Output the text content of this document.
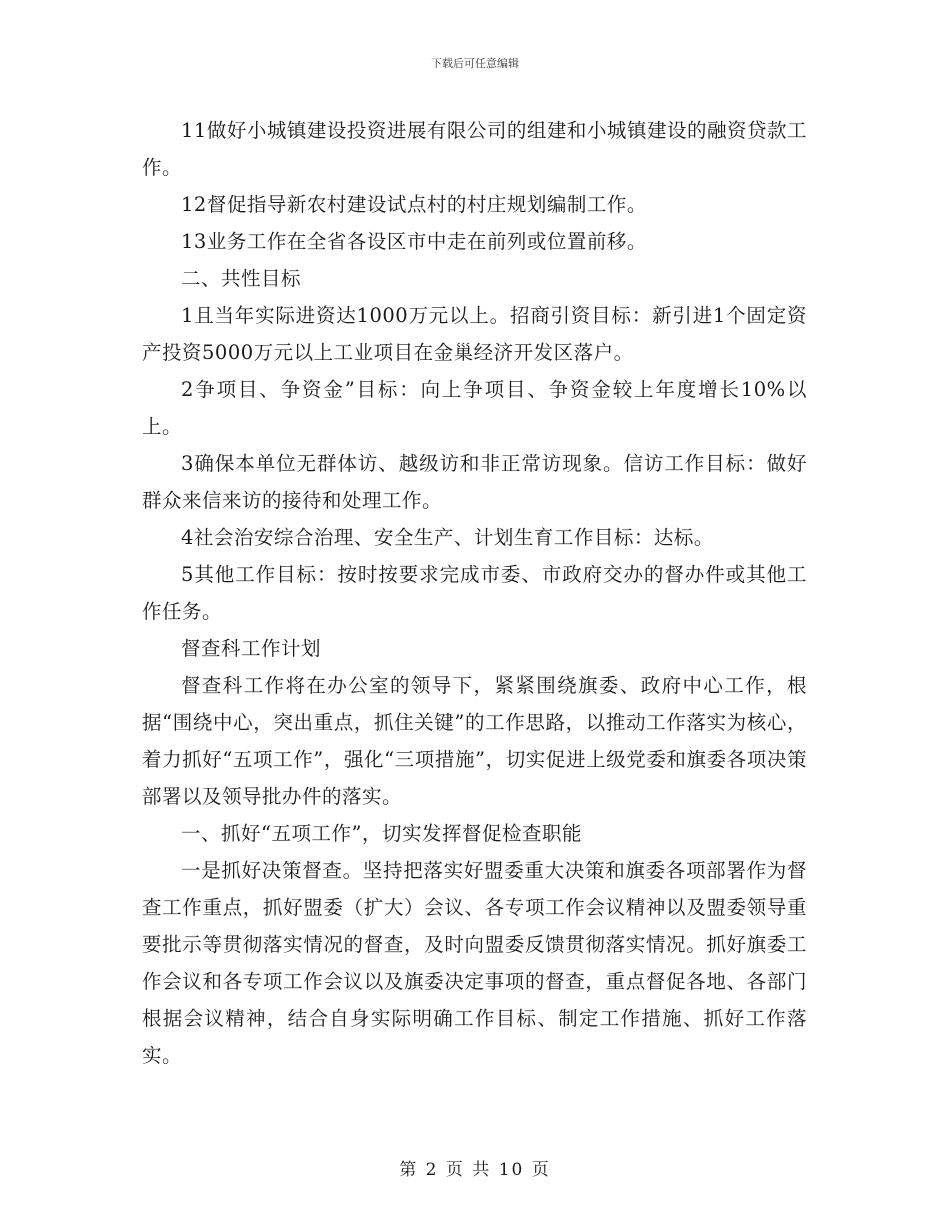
下载后可任意编辑

11做好小城镇建设投资进展有限公司的组建和小城镇建设的融资贷款工作。

12督促指导新农村建设试点村的村庄规划编制工作。

13业务工作在全省各设区市中走在前列或位置前移。

二、共性目标

1且当年实际进资达1000万元以上。招商引资目标：新引进1个固定资产投资5000万元以上工业项目在金巢经济开发区落户。

2争项目、争资金”目标：向上争项目、争资金较上年度增长10%以上。

3确保本单位无群体访、越级访和非正常访现象。信访工作目标：做好群众来信来访的接待和处理工作。

4社会治安综合治理、安全生产、计划生育工作目标：达标。

5其他工作目标：按时按要求完成市委、市政府交办的督办件或其他工作任务。

督查科工作计划

督查科工作将在办公室的领导下，紧紧围绕旗委、政府中心工作，根据“围绕中心，突出重点，抓住关键”的工作思路，以推动工作落实为核心，着力抓好“五项工作”，强化“三项措施”，切实促进上级党委和旗委各项决策部署以及领导批办件的落实。

一、抓好“五项工作”，切实发挥督促检查职能

一是抓好决策督查。坚持把落实好盟委重大决策和旗委各项部署作为督查工作重点，抓好盟委（扩大）会议、各专项工作会议精神以及盟委领导重要批示等贯彻落实情况的督查，及时向盟委反馈贯彻落实情况。抓好旗委工作会议和各专项工作会议以及旗委决定事项的督查，重点督促各地、各部门根据会议精神，结合自身实际明确工作目标、制定工作措施、抓好工作落实。

第 2 页 共 10 页
